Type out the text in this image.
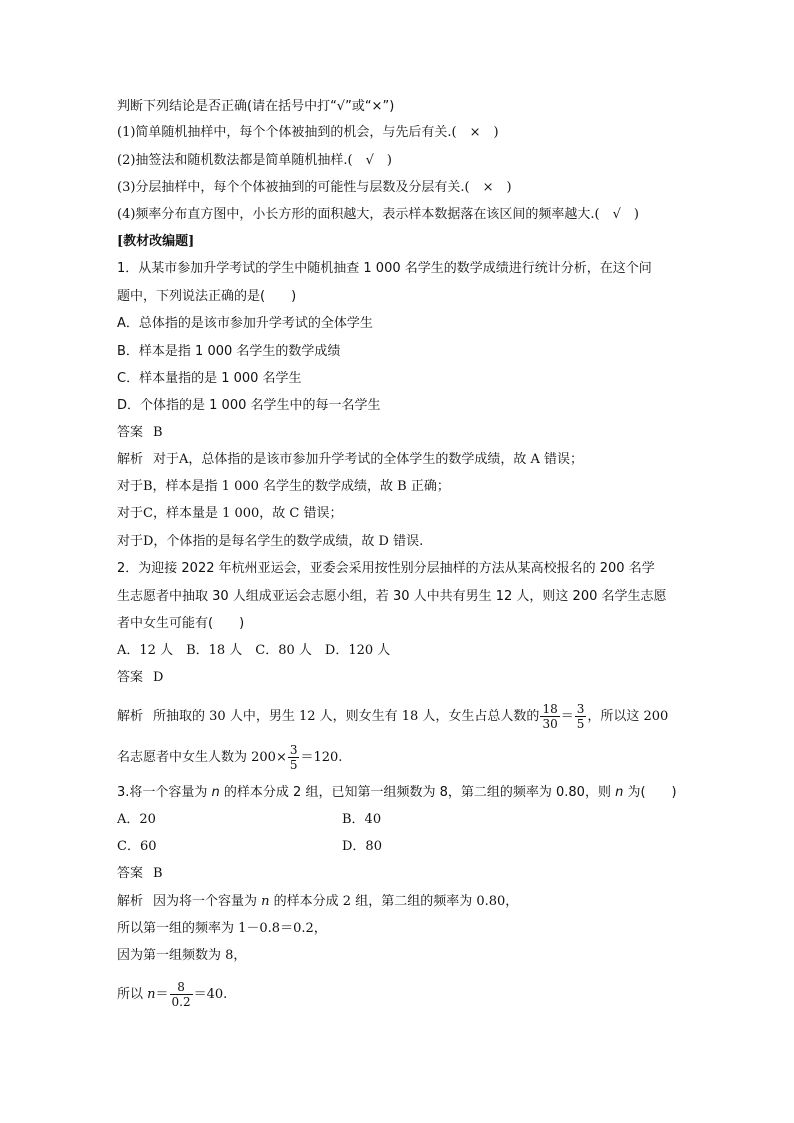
判断下列结论是否正确(请在括号中打“√”或“×”)
(1)简单随机抽样中，每个个体被抽到的机会，与先后有关.(　×　)
(2)抽签法和随机数法都是简单随机抽样.(　√　)
(3)分层抽样中，每个个体被抽到的可能性与层数及分层有关.(　×　)
(4)频率分布直方图中，小长方形的面积越大，表示样本数据落在该区间的频率越大.(　√　)
[教材改编题]
1．从某市参加升学考试的学生中随机抽查 1 000 名学生的数学成绩进行统计分析，在这个问
题中，下列说法正确的是(　　)
A．总体指的是该市参加升学考试的全体学生
B．样本是指 1 000 名学生的数学成绩
C．样本量指的是 1 000 名学生
D．个体指的是 1 000 名学生中的每一名学生
答案 B
解析 对于A，总体指的是该市参加升学考试的全体学生的数学成绩，故 A 错误；
对于B，样本是指 1 000 名学生的数学成绩，故 B 正确；
对于C，样本量是 1 000，故 C 错误；
对于D，个体指的是每名学生的数学成绩，故 D 错误.
2．为迎接 2022 年杭州亚运会，亚委会采用按性别分层抽样的方法从某高校报名的 200 名学
生志愿者中抽取 30 人组成亚运会志愿小组，若 30 人中共有男生 12 人，则这 200 名学生志愿
者中女生可能有(　　)
A．12 人　B．18 人　C．80 人　D．120 人
答案 D
解析 所抽取的 30 人中，男生 12 人，则女生有 18 人，女生占总人数的 $\frac{18}{30} = \frac{3}{5}$ ，所以这 200
名志愿者中女生人数为 $200\times \frac{3}{5} =120$.
3.将一个容量为 n 的样本分成 2 组，已知第一组频数为 8，第二组的频率为 0.80，则 n 为(　　)
A．20	B．40
C．60	D．80
答案 B
解析 因为将一个容量为 n 的样本分成 2 组，第二组的频率为 0.80，
所以第一组的频率为 1－0.8＝0.2，
因为第一组频数为 8，
所以 $n= \frac{8}{0.2} =40$.
